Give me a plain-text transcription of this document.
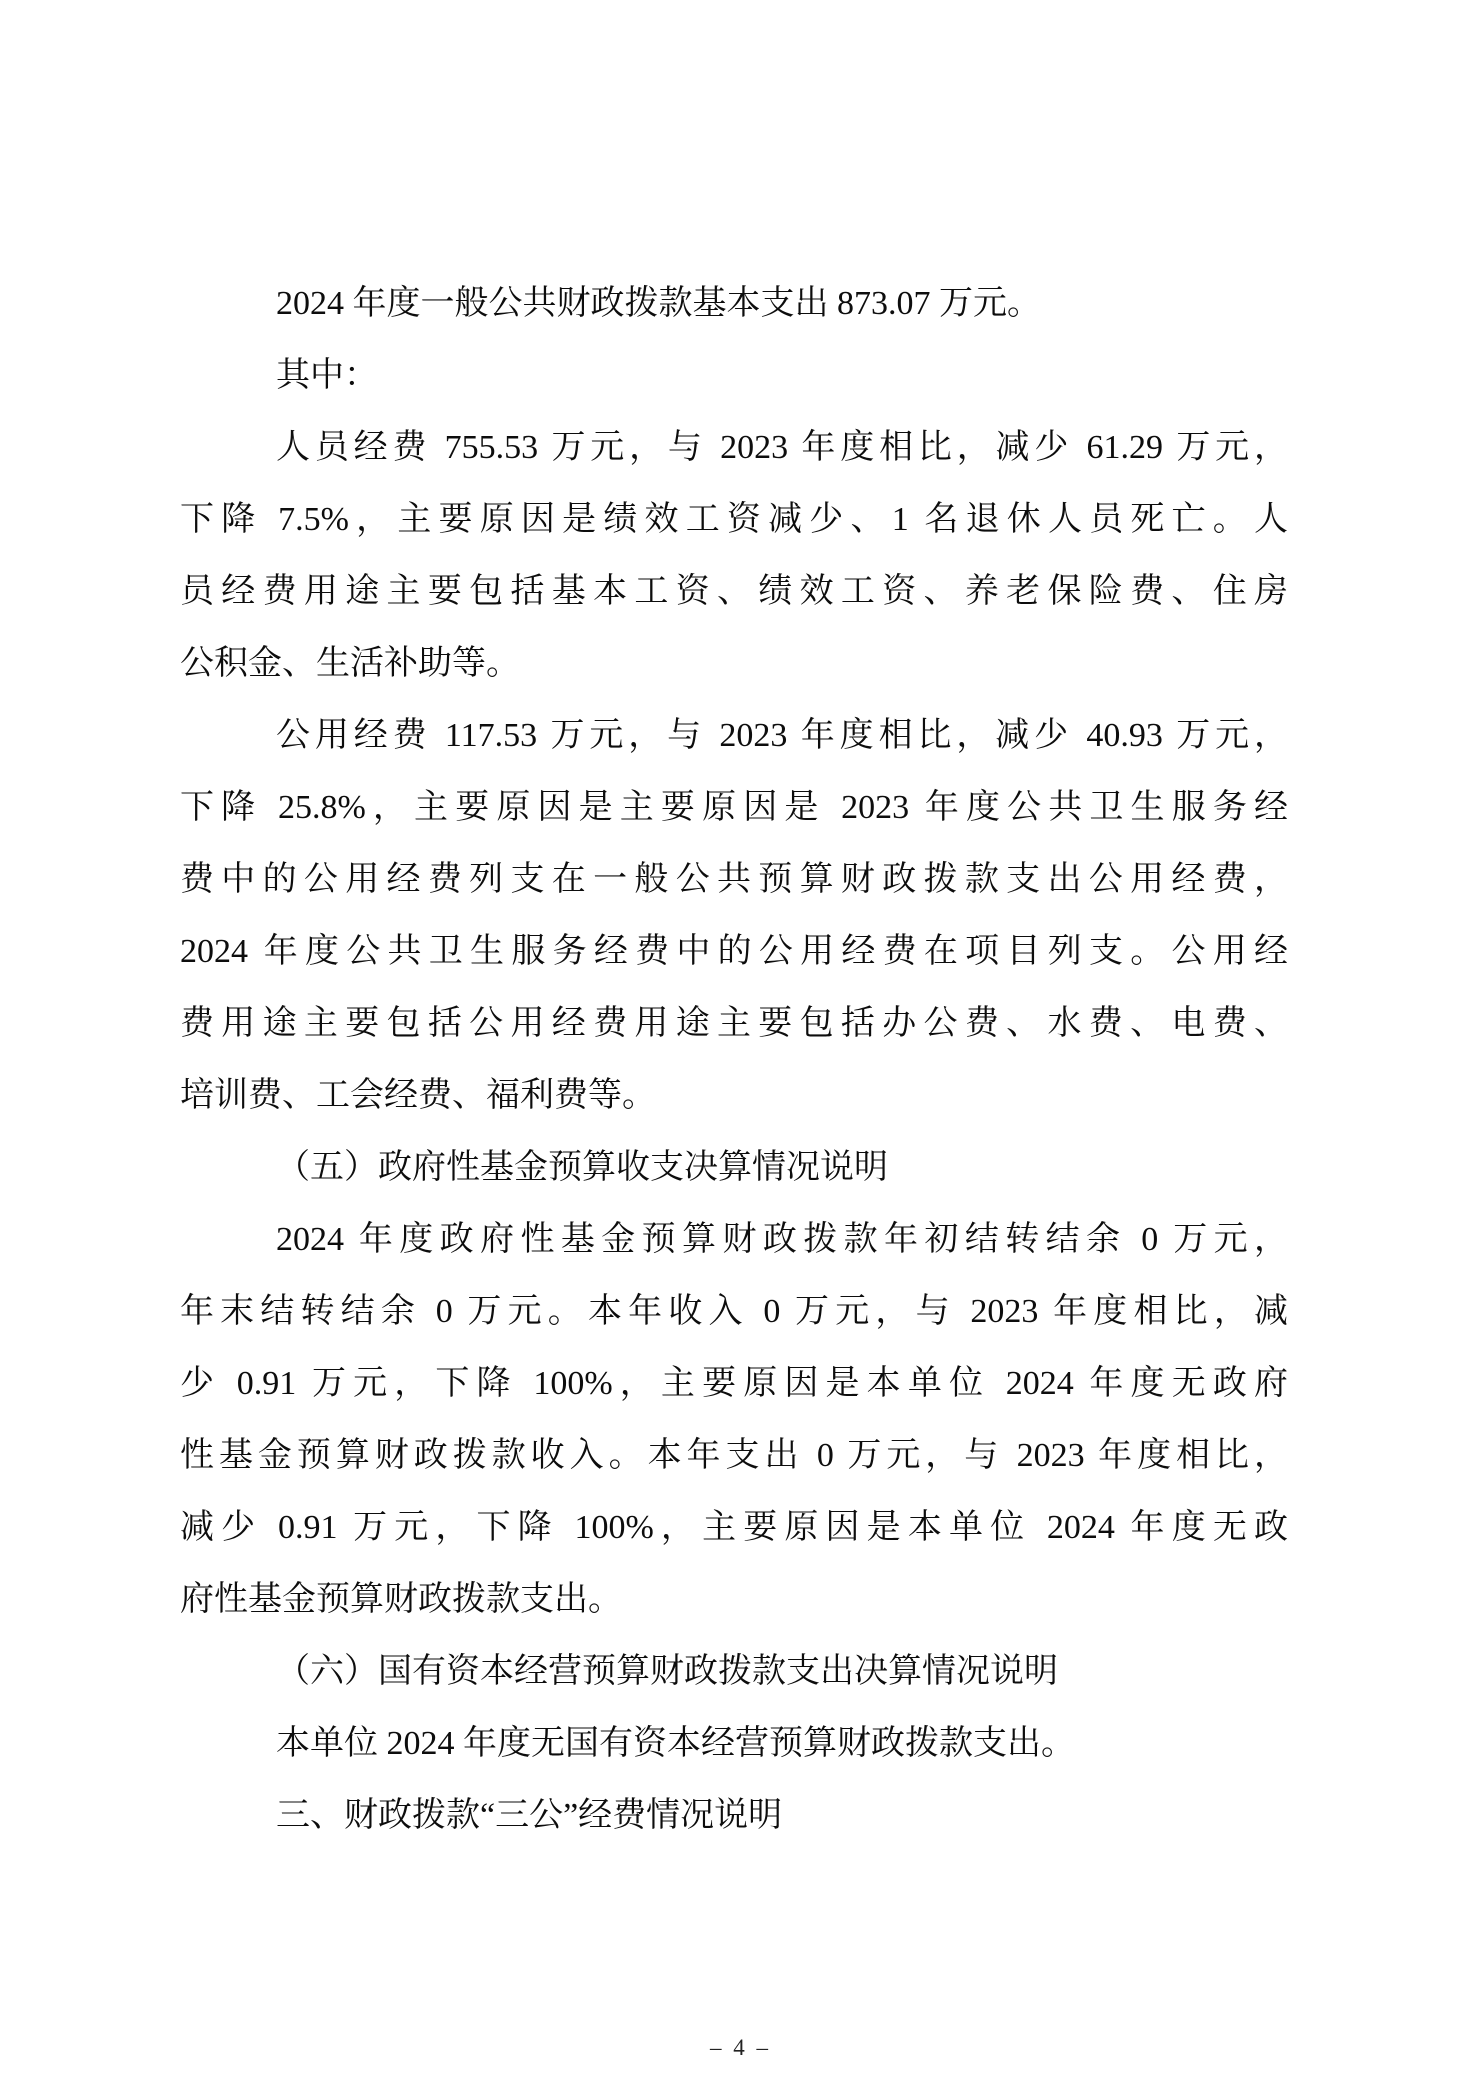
2024 年度一般公共财政拨款基本支出 873.07 万元。
其中：
人员经费 755.53 万元，与 2023 年度相比，减少 61.29 万元，
下降 7.5%，主要原因是绩效工资减少、1 名退休人员死亡。人
员经费用途主要包括基本工资、绩效工资、养老保险费、住房
公积金、生活补助等。
公用经费 117.53 万元，与 2023 年度相比，减少 40.93 万元，
下降 25.8%，主要原因是主要原因是 2023 年度公共卫生服务经
费中的公用经费列支在一般公共预算财政拨款支出公用经费，
2024 年度公共卫生服务经费中的公用经费在项目列支。公用经
费用途主要包括公用经费用途主要包括办公费、水费、电费、
培训费、工会经费、福利费等。
（五）政府性基金预算收支决算情况说明
2024 年度政府性基金预算财政拨款年初结转结余 0 万元，
年末结转结余 0 万元。本年收入 0 万元，与 2023 年度相比，减
少 0.91 万元，下降 100%，主要原因是本单位 2024 年度无政府
性基金预算财政拨款收入。本年支出 0 万元，与 2023 年度相比，
减少 0.91 万元，下降 100%，主要原因是本单位 2024 年度无政
府性基金预算财政拨款支出。
（六）国有资本经营预算财政拨款支出决算情况说明
本单位 2024 年度无国有资本经营预算财政拨款支出。
三、财政拨款“三公”经费情况说明
– 4 –
